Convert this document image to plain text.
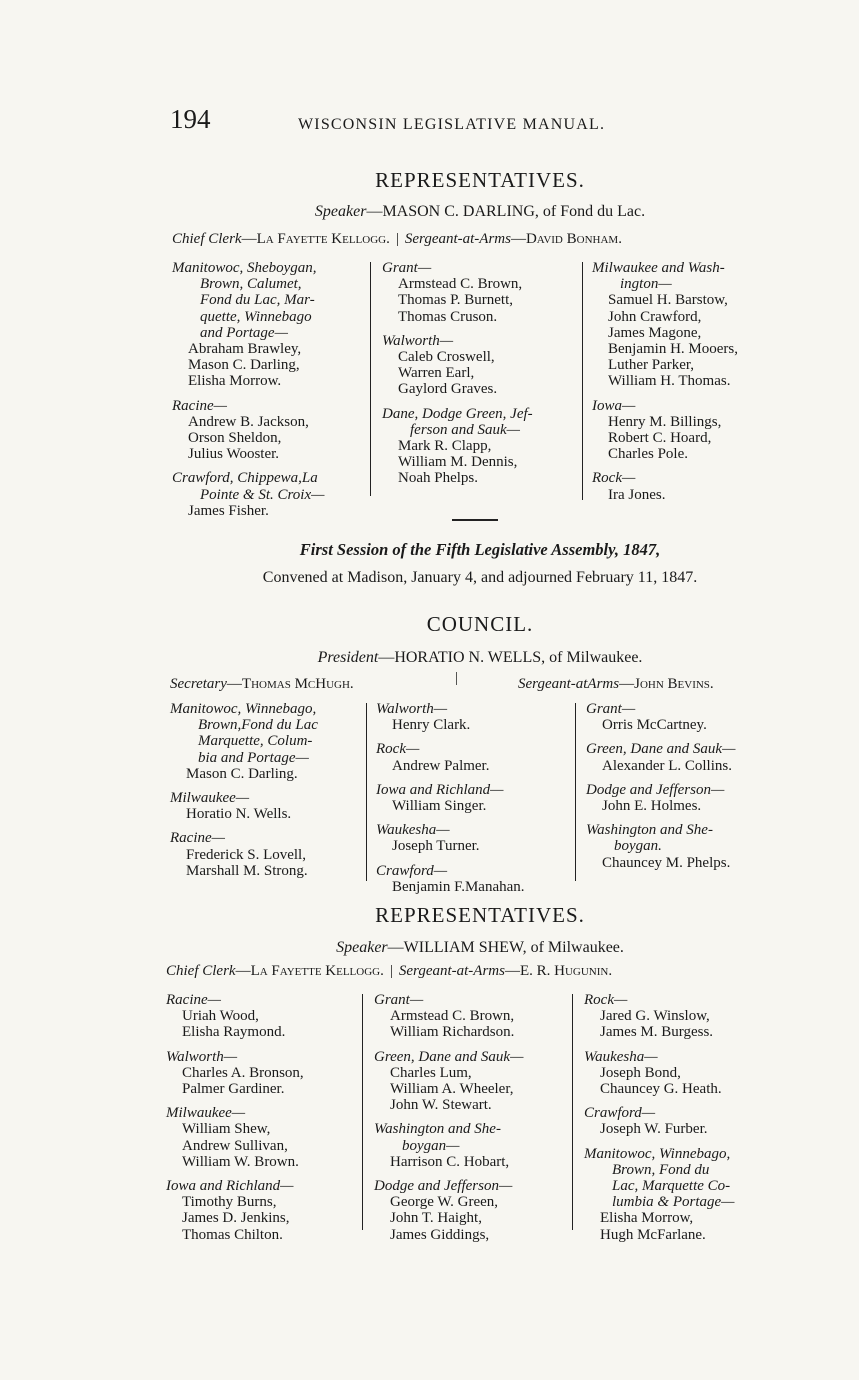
194	WISCONSIN LEGISLATIVE MANUAL.
REPRESENTATIVES.
Speaker—MASON C. DARLING, of Fond du Lac.
Chief Clerk—La Fayette Kellogg. | Sergeant-at-Arms—David Bonham.
Manitowoc, Sheboygan,
Brown, Calumet,
Fond du Lac, Mar-
quette, Winnebago
and Portage—
Abraham Brawley,
Mason C. Darling,
Elisha Morrow.
Racine—
Andrew B. Jackson,
Orson Sheldon,
Julius Wooster.
Crawford, Chippewa,La
Pointe & St. Croix—
James Fisher.
Grant—
Armstead C. Brown,
Thomas P. Burnett,
Thomas Cruson.
Walworth—
Caleb Croswell,
Warren Earl,
Gaylord Graves.
Dane, Dodge Green, Jef-
ferson and Sauk—
Mark R. Clapp,
William M. Dennis,
Noah Phelps.
Milwaukee and Wash-
ington—
Samuel H. Barstow,
John Crawford,
James Magone,
Benjamin H. Mooers,
Luther Parker,
William H. Thomas.
Iowa—
Henry M. Billings,
Robert C. Hoard,
Charles Pole.
Rock—
Ira Jones.
First Session of the Fifth Legislative Assembly, 1847,
Convened at Madison, January 4, and adjourned February 11, 1847.
COUNCIL.
President—HORATIO N. WELLS, of Milwaukee.
Secretary—Thomas McHugh.	|	Sergeant-atArms—John Bevins.
Manitowoc, Winnebago,
Brown,Fond du Lac
Marquette, Colum-
bia and Portage—
Mason C. Darling.
Milwaukee—
Horatio N. Wells.
Racine—
Frederick S. Lovell,
Marshall M. Strong.
Walworth—
Henry Clark.
Rock—
Andrew Palmer.
Iowa and Richland—
William Singer.
Waukesha—
Joseph Turner.
Crawford—
Benjamin F.Manahan.
Grant—
Orris McCartney.
Green, Dane and Sauk—
Alexander L. Collins.
Dodge and Jefferson—
John E. Holmes.
Washington and She-
boygan.
Chauncey M. Phelps.
REPRESENTATIVES.
Speaker—WILLIAM SHEW, of Milwaukee.
Chief Clerk—La Fayette Kellogg. | Sergeant-at-Arms—E. R. Hugunin.
Racine—
Uriah Wood,
Elisha Raymond.
Walworth—
Charles A. Bronson,
Palmer Gardiner.
Milwaukee—
William Shew,
Andrew Sullivan,
William W. Brown.
Iowa and Richland—
Timothy Burns,
James D. Jenkins,
Thomas Chilton.
Grant—
Armstead C. Brown,
William Richardson.
Green, Dane and Sauk—
Charles Lum,
William A. Wheeler,
John W. Stewart.
Washington and She-
boygan—
Harrison C. Hobart,
Dodge and Jefferson—
George W. Green,
John T. Haight,
James Giddings,
Rock—
Jared G. Winslow,
James M. Burgess.
Waukesha—
Joseph Bond,
Chauncey G. Heath.
Crawford—
Joseph W. Furber.
Manitowoc, Winnebago,
Brown, Fond du
Lac, Marquette Co-
lumbia & Portage—
Elisha Morrow,
Hugh McFarlane.
